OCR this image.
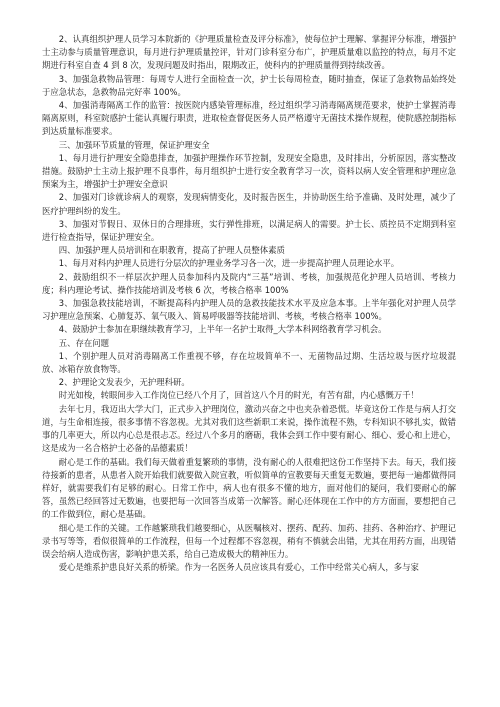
2、认真组织护理人员学习本院新的《护理质量检查及评分标准》，使每位护士理解、掌握评分标准，增强护士主动参与质量管理意识，每月进行护理质量控评，针对门诊科室分布广，护理质量难以监控的特点，每月不定期进行科室自查 4 到 8 次，发现问题及时指出，限期改正，使科内的护理质量得到持续改善。

3、加强急救物品管理：每周专人进行全面检查一次，护士长每周检查，随时抽查，保证了急救物品始终处于应急状态，急救物品完好率 100%。

4、加强消毒隔离工作的监管：按医院内感染管理标准，经过组织学习消毒隔离规范要求，使护士掌握消毒隔离原则，科室院感护士能认真履行职责，进取检查督促医务人员严格遵守无菌技术操作规程，使院感控制指标到达质量标准要求。

三、加强环节质量的管理，保证护理安全

1、每月进行护理安全隐患排查，加强护理操作环节控制，发现安全隐患，及时排出，分析原因，落实整改措施。鼓励护士主动上报护理不良事件，每月组织护士进行安全教育学习一次，资料以病人安全管理和护理应急预案为主，增强护士护理安全意识

2、加强对门诊就诊病人的观察，发现病情变化，及时报告医生，并协助医生给予准确、及时处理，减少了医疗护理纠纷的发生。

3、加强对节假日、双休日的合理排班，实行弹性排班，以满足病人的需要。护士长、质控员不定期到科室进行检查指导，保证护理安全。

四、加强护理人员培训和在职教育，提高了护理人员整体素质

1、每月对科内护理人员进行分层次的护理业务学习各一次，进一步提高护理人员理论水平。

2、鼓励组织不一样层次护理人员参加科内及院内“三基”培训、考核，加强规范化护理人员培训、考核力度；科内理论考试、操作技能培训及考核 6 次，考核合格率 100%

3、加强急救技能培训，不断提高科内护理人员的急救技能技术水平及应急本事。上半年强化对护理人员学习护理应急预案、心肺复苏、氧气吸入、简易呼吸器等技能培训、考核，考核合格率 100%。

4、鼓励护士参加在职继续教育学习，上半年一名护士取得_大学本科网络教育学习机会。

五、存在问题

1、个别护理人员对消毒隔离工作重视不够，存在垃圾简单不一、无菌物品过期、生活垃圾与医疗垃圾混放、冰箱存放食物等。

2、护理论文发表少，无护理科研。

时光如梭，转眼间步入工作岗位已经八个月了，回首这八个月的时光，有苦有甜，内心感慨万千！

去年七月，我迈出大学大门，正式步入护理岗位，激动兴奋之中也夹杂着恐慌。毕竟这份工作是与病人打交道，与生命相连接，很多事情不容忽视。尤其对我们这些新职工来说，操作流程不熟，专科知识不够扎实，做错事的几率更大，所以内心总是很忐忑。经过八个多月的磨砺，我体会到工作中要有耐心、细心、爱心和上进心，这是成为一名合格护士必备的品德素质！

耐心是工作的基础。我们每天做着重复繁琐的事情，没有耐心的人很难把这份工作坚持下去。每天，我们接待接新的患者，从患者入院开始我们就要做入院宣教，听似简单的宣教要每天重复无数遍，要把每一遍都做得同样好，就需要我们有足够的耐心。日常工作中，病人也有很多不懂的地方，面对他们的疑问，我们要耐心的解答，虽然已经回答过无数遍，也要把每一次回答当成第一次解答。耐心还体现在工作中的方方面面，要想把自己的工作做到位，耐心是基础。

细心是工作的关键。工作越繁琐我们越要细心，从医嘱核对、摆药、配药、加药、挂药、各种治疗、护理记录书写等等，看似很简单的工作流程，但每一个过程都不容忽视，稍有不慎就会出错，尤其在用药方面，出现错误会给病人造成伤害，影响护患关系，给自己造成极大的精神压力。

爱心是维系护患良好关系的桥梁。作为一名医务人员应该具有爱心，工作中经常关心病人，多与家
